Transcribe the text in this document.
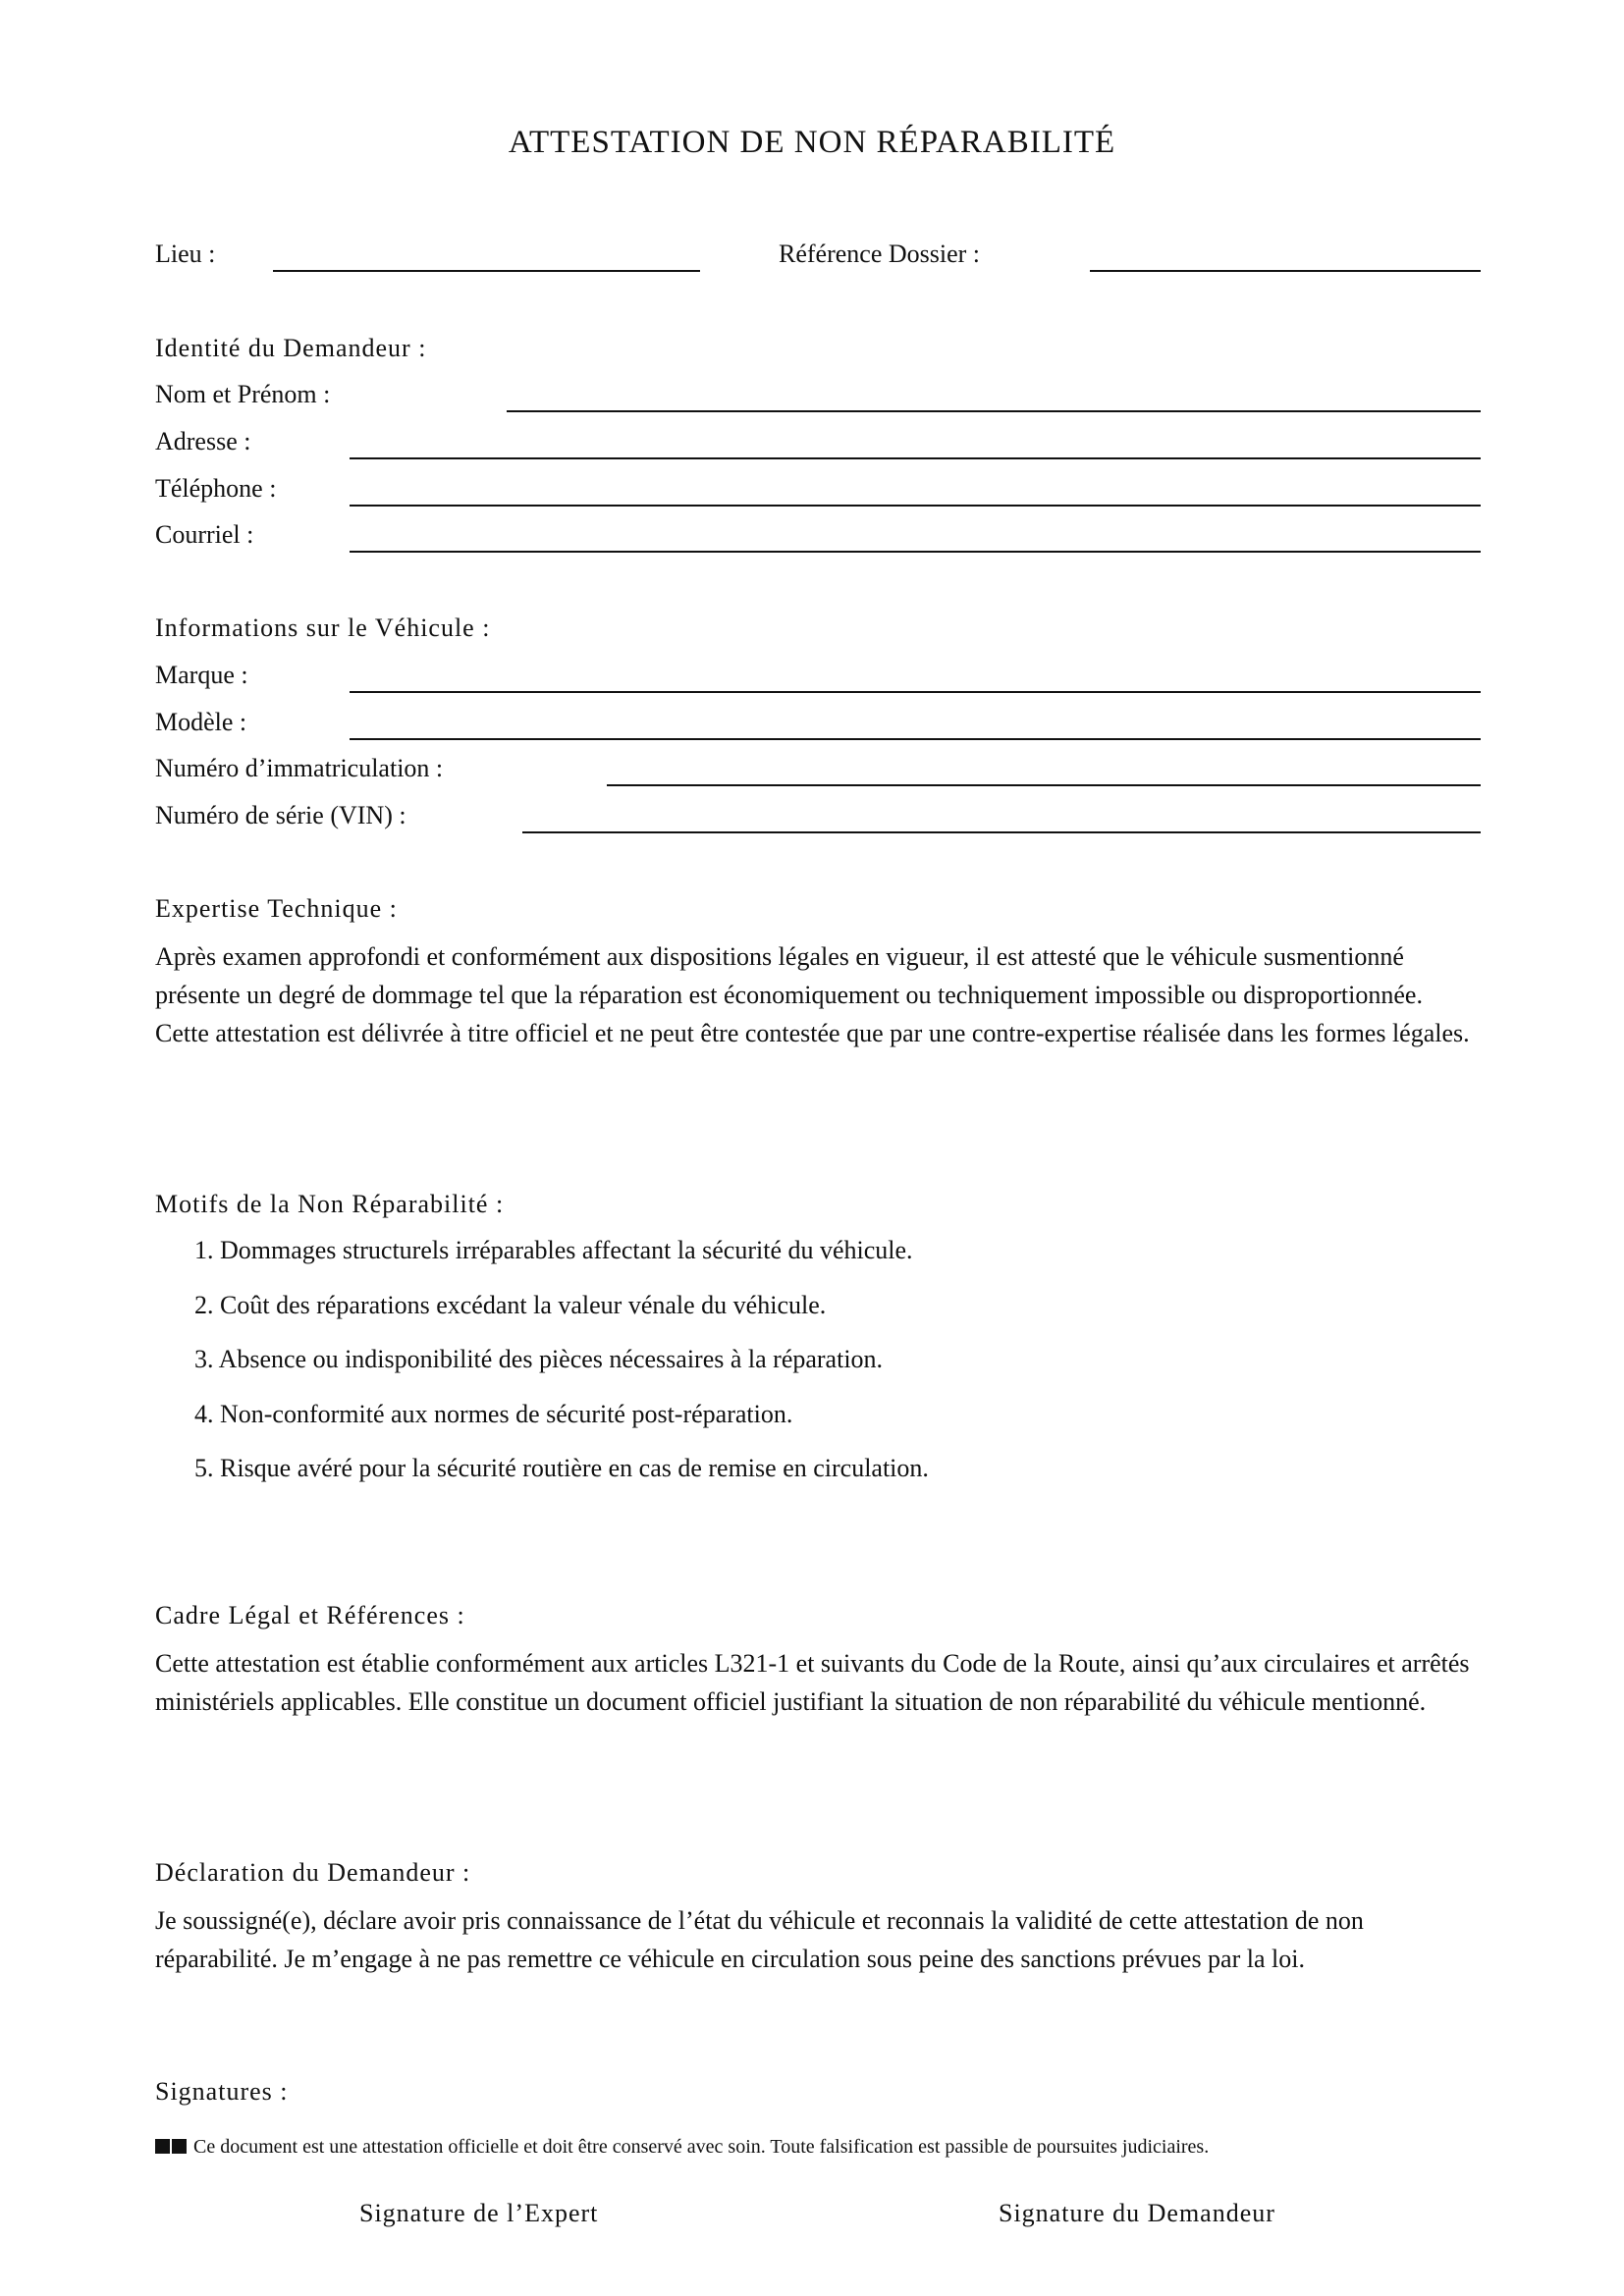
ATTESTATION DE NON RÉPARABILITÉ
Lieu :	Référence Dossier :
Identité du Demandeur :
Nom et Prénom :
Adresse :
Téléphone :
Courriel :
Informations sur le Véhicule :
Marque :
Modèle :
Numéro d’immatriculation :
Numéro de série (VIN) :
Expertise Technique :
Après examen approfondi et conformément aux dispositions légales en vigueur, il est attesté que le véhicule susmentionné présente un degré de dommage tel que la réparation est économiquement ou techniquement impossible ou disproportionnée. Cette attestation est délivrée à titre officiel et ne peut être contestée que par une contre-expertise réalisée dans les formes légales.
Motifs de la Non Réparabilité :
1. Dommages structurels irréparables affectant la sécurité du véhicule.
2. Coût des réparations excédant la valeur vénale du véhicule.
3. Absence ou indisponibilité des pièces nécessaires à la réparation.
4. Non-conformité aux normes de sécurité post-réparation.
5. Risque avéré pour la sécurité routière en cas de remise en circulation.
Cadre Légal et Références :
Cette attestation est établie conformément aux articles L321-1 et suivants du Code de la Route, ainsi qu’aux circulaires et arrêtés ministériels applicables. Elle constitue un document officiel justifiant la situation de non réparabilité du véhicule mentionné.
Déclaration du Demandeur :
Je soussigné(e), déclare avoir pris connaissance de l’état du véhicule et reconnais la validité de cette attestation de non réparabilité. Je m’engage à ne pas remettre ce véhicule en circulation sous peine des sanctions prévues par la loi.
Signatures :
Ce document est une attestation officielle et doit être conservé avec soin. Toute falsification est passible de poursuites judiciaires.
Signature de l’Expert	Signature du Demandeur
